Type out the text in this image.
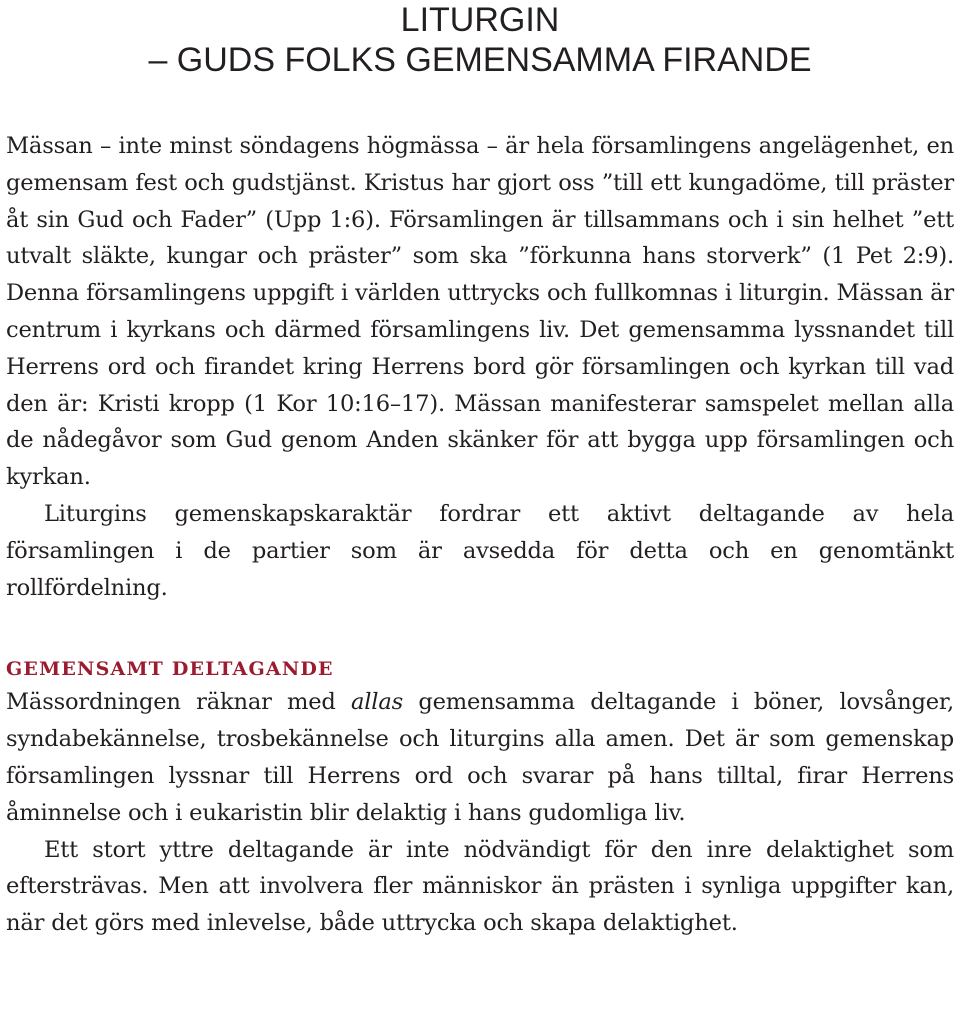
LITURGIN
– GUDS FOLKS GEMENSAMMA FIRANDE

Mässan – inte minst söndagens högmässa – är hela församlingens angelägenhet, en gemensam fest och gudstjänst. Kristus har gjort oss ”till ett kungadöme, till präster åt sin Gud och Fader” (Upp 1:6). Församlingen är tillsammans och i sin helhet ”ett utvalt släkte, kungar och präster” som ska ”förkunna hans storverk” (1 Pet 2:9). Denna församlingens uppgift i världen uttrycks och fullkomnas i liturgin. Mässan är centrum i kyrkans och därmed församlingens liv. Det gemensamma lyssnandet till Herrens ord och firandet kring Herrens bord gör församlingen och kyrkan till vad den är: Kristi kropp (1 Kor 10:16–17). Mässan manifesterar samspelet mellan alla de nådegåvor som Gud genom Anden skänker för att bygga upp församlingen och kyrkan.

Liturgins gemenskapskaraktär fordrar ett aktivt deltagande av hela församlingen i de partier som är avsedda för detta och en genomtänkt rollfördelning.

GEMENSAMT DELTAGANDE

Mässordningen räknar med allas gemensamma deltagande i böner, lovsånger, syndabekännelse, trosbekännelse och liturgins alla amen. Det är som gemenskap församlingen lyssnar till Herrens ord och svarar på hans tilltal, firar Herrens åminnelse och i eukaristin blir delaktig i hans gudomliga liv.

Ett stort yttre deltagande är inte nödvändigt för den inre delaktighet som eftersträvas. Men att involvera fler människor än prästen i synliga uppgifter kan, när det görs med inlevelse, både uttrycka och skapa delaktighet.
